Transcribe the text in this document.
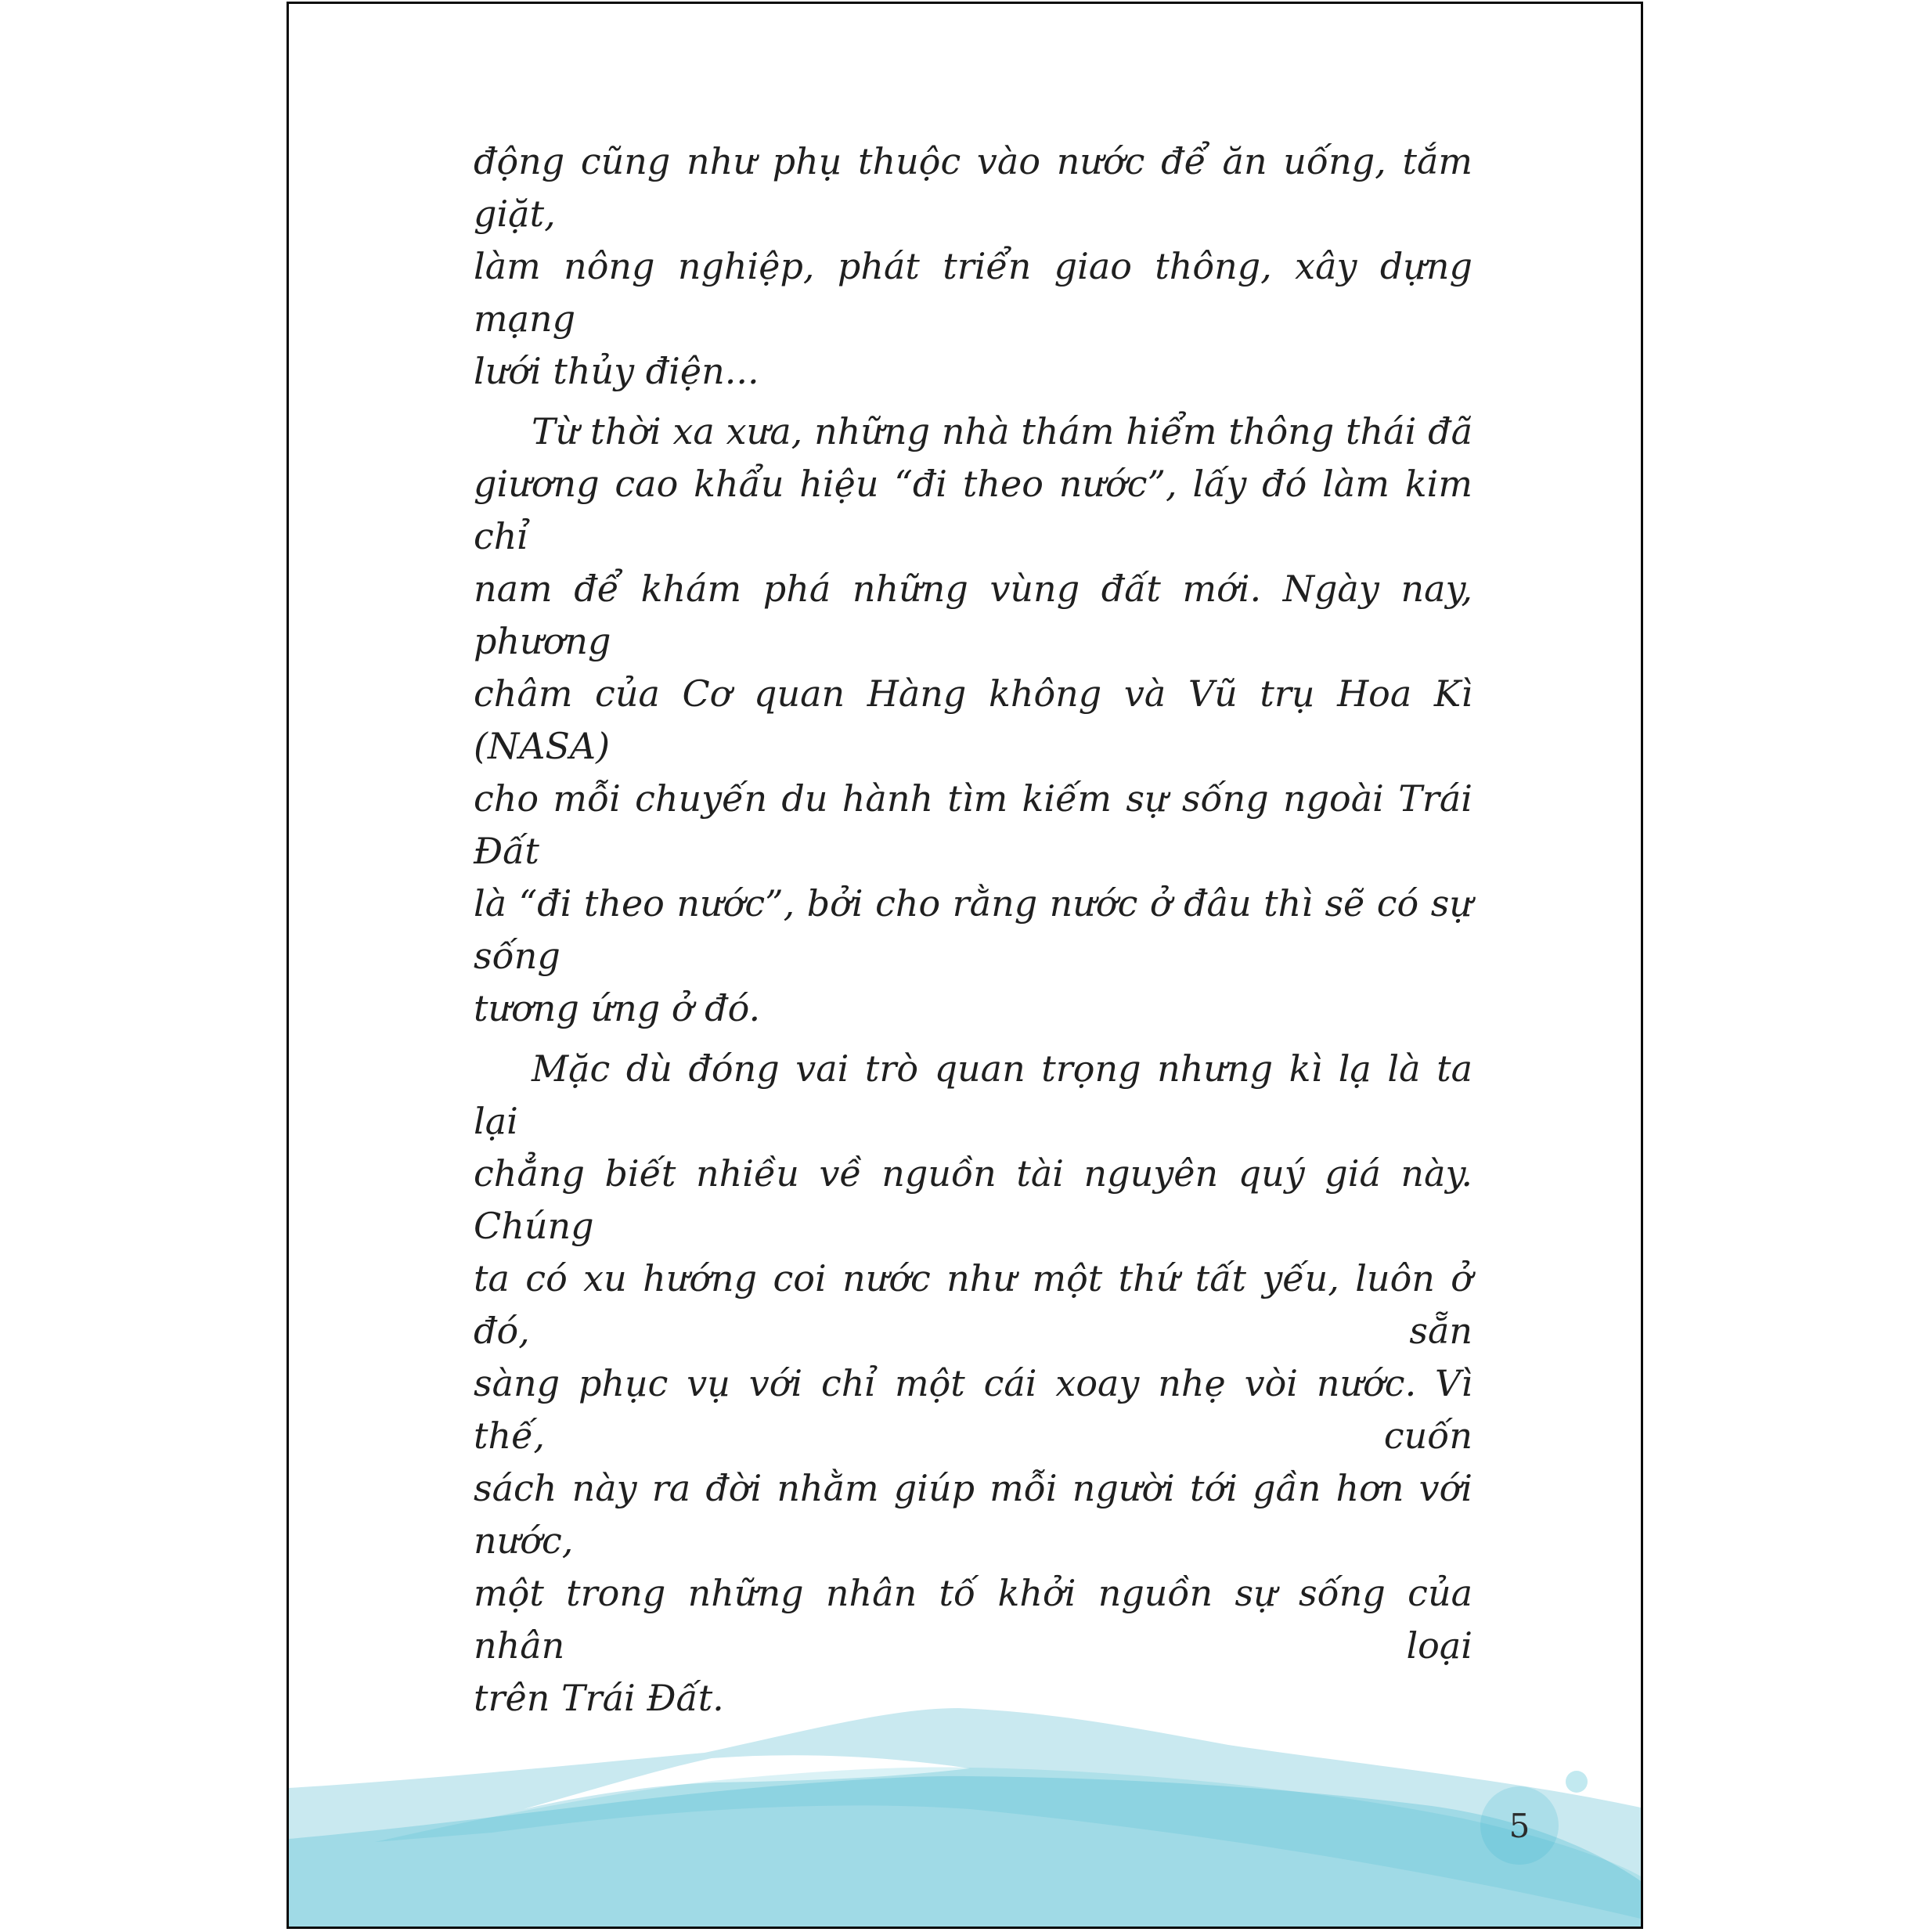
động cũng như phụ thuộc vào nước để ăn uống, tắm giặt,
làm nông nghiệp, phát triển giao thông, xây dựng mạng
lưới thủy điện...
Từ thời xa xưa, những nhà thám hiểm thông thái đã
giương cao khẩu hiệu “đi theo nước”, lấy đó làm kim chỉ
nam để khám phá những vùng đất mới. Ngày nay, phương
châm của Cơ quan Hàng không và Vũ trụ Hoa Kì (NASA)
cho mỗi chuyến du hành tìm kiếm sự sống ngoài Trái Đất
là “đi theo nước”, bởi cho rằng nước ở đâu thì sẽ có sự sống
tương ứng ở đó.
Mặc dù đóng vai trò quan trọng nhưng kì lạ là ta lại
chẳng biết nhiều về nguồn tài nguyên quý giá này. Chúng
ta có xu hướng coi nước như một thứ tất yếu, luôn ở đó, sẵn
sàng phục vụ với chỉ một cái xoay nhẹ vòi nước. Vì thế, cuốn
sách này ra đời nhằm giúp mỗi người tới gần hơn với nước,
một trong những nhân tố khởi nguồn sự sống của nhân loại
trên Trái Đất.
5
